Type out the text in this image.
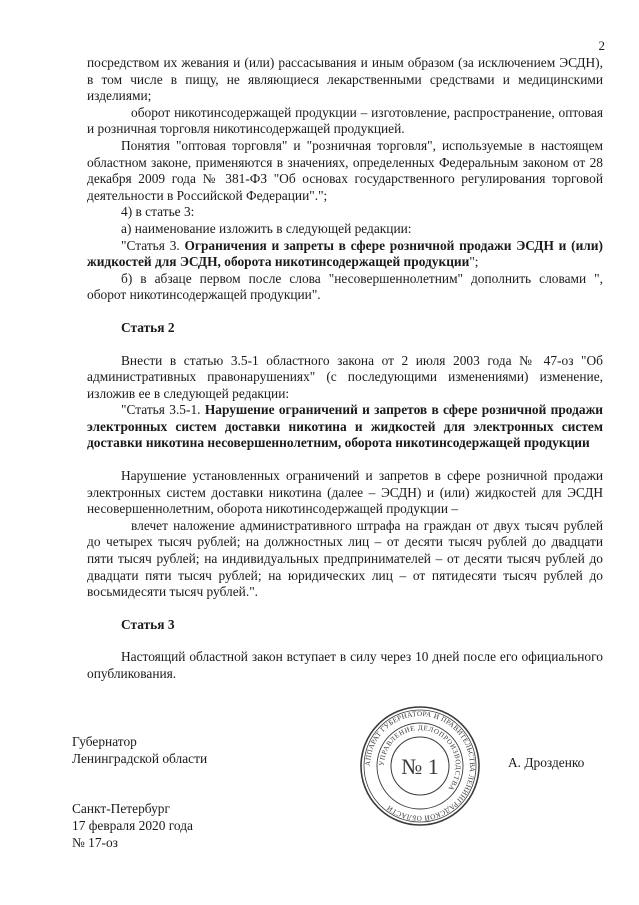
2

посредством их жевания и (или) рассасывания и иным образом (за исключением ЭСДН), в том числе в пищу, не являющиеся лекарственными средствами и медицинскими изделиями;

оборот никотинсодержащей продукции – изготовление, распространение, оптовая и розничная торговля никотинсодержащей продукцией.

Понятия "оптовая торговля" и "розничная торговля", используемые в настоящем областном законе, применяются в значениях, определенных Федеральным законом от 28 декабря 2009 года № 381-ФЗ "Об основах государственного регулирования торговой деятельности в Российской Федерации".";

4) в статье 3:

а) наименование изложить в следующей редакции:

"Статья 3. Ограничения и запреты в сфере розничной продажи ЭСДН и (или) жидкостей для ЭСДН, оборота никотинсодержащей продукции";

б) в абзаце первом после слова "несовершеннолетним" дополнить словами ", оборот никотинсодержащей продукции".

Статья 2

Внести в статью 3.5-1 областного закона от 2 июля 2003 года № 47-оз "Об административных правонарушениях" (с последующими изменениями) изменение, изложив ее в следующей редакции:

"Статья 3.5-1. Нарушение ограничений и запретов в сфере розничной продажи электронных систем доставки никотина и жидкостей для электронных систем доставки никотина несовершеннолетним, оборота никотинсодержащей продукции

Нарушение установленных ограничений и запретов в сфере розничной продажи электронных систем доставки никотина (далее – ЭСДН) и (или) жидкостей для ЭСДН несовершеннолетним, оборота никотинсодержащей продукции –

влечет наложение административного штрафа на граждан от двух тысяч рублей до четырех тысяч рублей; на должностных лиц – от десяти тысяч рублей до двадцати пяти тысяч рублей; на индивидуальных предпринимателей – от десяти тысяч рублей до двадцати пяти тысяч рублей; на юридических лиц – от пятидесяти тысяч рублей до восьмидесяти тысяч рублей.".

Статья 3

Настоящий областной закон вступает в силу через 10 дней после его официального опубликования.

Губернатор
Ленинградской области	АППАРАТ ГУБЕРНАТОРА И ПРАВИТЕЛЬСТВА ЛЕНИНГРАДСКОЙ ОБЛАСТИ
УПРАВЛЕНИЕ ДЕЛОПРОИЗВОДСТВА
№ 1	А. Дрозденко
Санкт-Петербург
17 февраля 2020 года
№ 17-оз
